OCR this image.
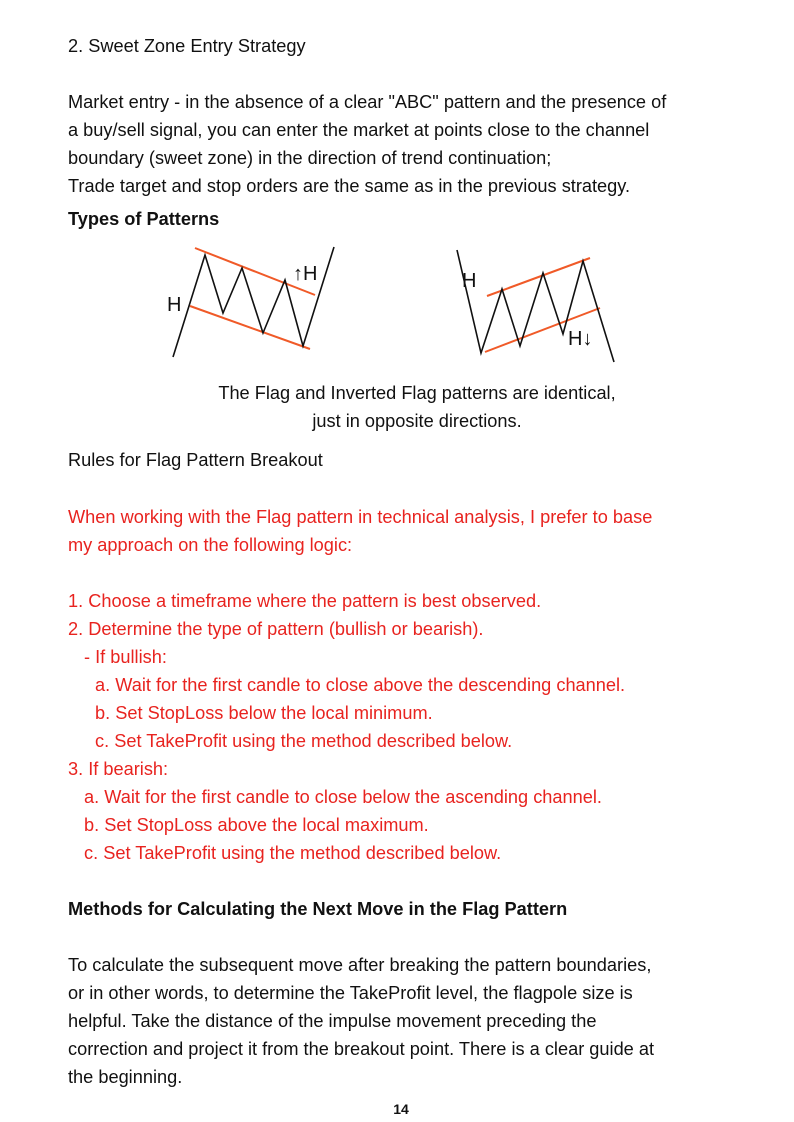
2. Sweet Zone Entry Strategy

Market entry - in the absence of a clear "ABC" pattern and the presence of

a buy/sell signal, you can enter the market at points close to the channel

boundary (sweet zone) in the direction of trend continuation;

Trade target and stop orders are the same as in the previous strategy.

Types of Patterns

H
↑H	H
H↓

The Flag and Inverted Flag patterns are identical,

just in opposite directions.

Rules for Flag Pattern Breakout

When working with the Flag pattern in technical analysis, I prefer to base

my approach on the following logic:

1. Choose a timeframe where the pattern is best observed.

2. Determine the type of pattern (bullish or bearish).

- If bullish:

a. Wait for the first candle to close above the descending channel.

b. Set StopLoss below the local minimum.

c. Set TakeProfit using the method described below.

3. If bearish:

a. Wait for the first candle to close below the ascending channel.

b. Set StopLoss above the local maximum.

c. Set TakeProfit using the method described below.

Methods for Calculating the Next Move in the Flag Pattern

To calculate the subsequent move after breaking the pattern boundaries,

or in other words, to determine the TakeProfit level, the flagpole size is

helpful. Take the distance of the impulse movement preceding the

correction and project it from the breakout point. There is a clear guide at

the beginning.

14
